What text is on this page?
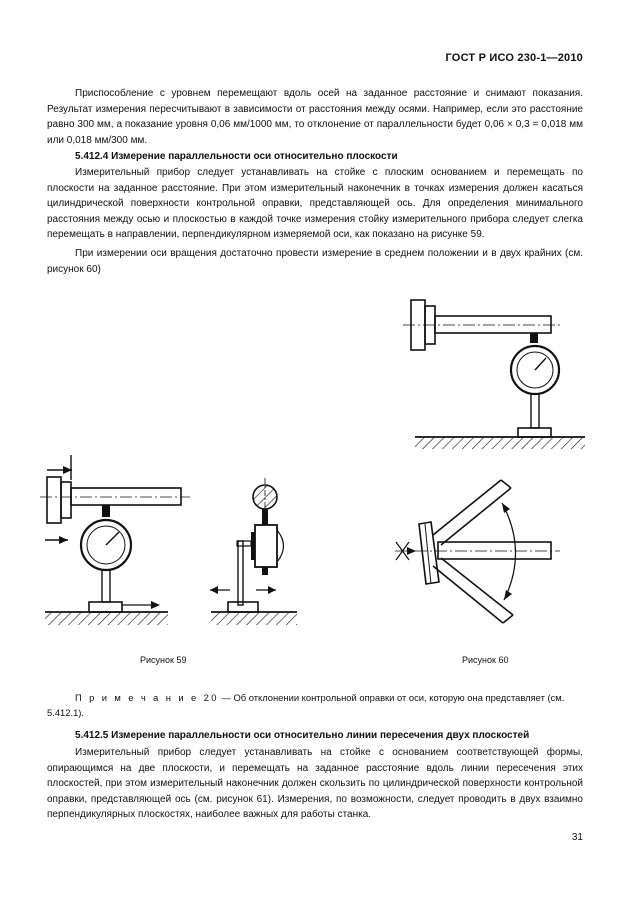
ГОСТ Р ИСО 230-1—2010

Приспособление с уровнем перемещают вдоль осей на заданное расстояние и снимают показания. Результат измерения пересчитывают в зависимости от расстояния между осями. Например, если это расстояние равно 300 мм, а показание уровня 0,06 мм/1000 мм, то отклонение от параллельности будет 0,06 × 0,3 = 0,018 мм или 0,018 мм/300 мм.

5.412.4 Измерение параллельности оси относительно плоскости

Измерительный прибор следует устанавливать на стойке с плоским основанием и перемещать по плоскости на заданное расстояние. При этом измерительный наконечник в точках измерения должен касаться цилиндрической поверхности контрольной оправки, представляющей ось. Для определения минимального расстояния между осью и плоскостью в каждой точке измерения стойку измерительного прибора следует слегка перемещать в направлении, перпендикулярном измеряемой оси, как показано на рисунке 59.

При измерении оси вращения достаточно провести измерение в среднем положении и в двух крайних (см. рисунок 60)

Рисунок 59	Рисунок 60
П р и м е ч а н и е 20 — Об отклонении контрольной оправки от оси, которую она представляет (см. 5.412.1).
5.412.5 Измерение параллельности оси относительно линии пересечения двух плоскостей

Измерительный прибор следует устанавливать на стойке с основанием соответствующей формы, опирающимся на две плоскости, и перемещать на заданное расстояние вдоль линии пересечения этих плоскостей, при этом измерительный наконечник должен скользить по цилиндрической поверхности контрольной оправки, представляющей ось (см. рисунок 61). Измерения, по возможности, следует проводить в двух взаимно перпендикулярных плоскостях, наиболее важных для работы станка.

31
